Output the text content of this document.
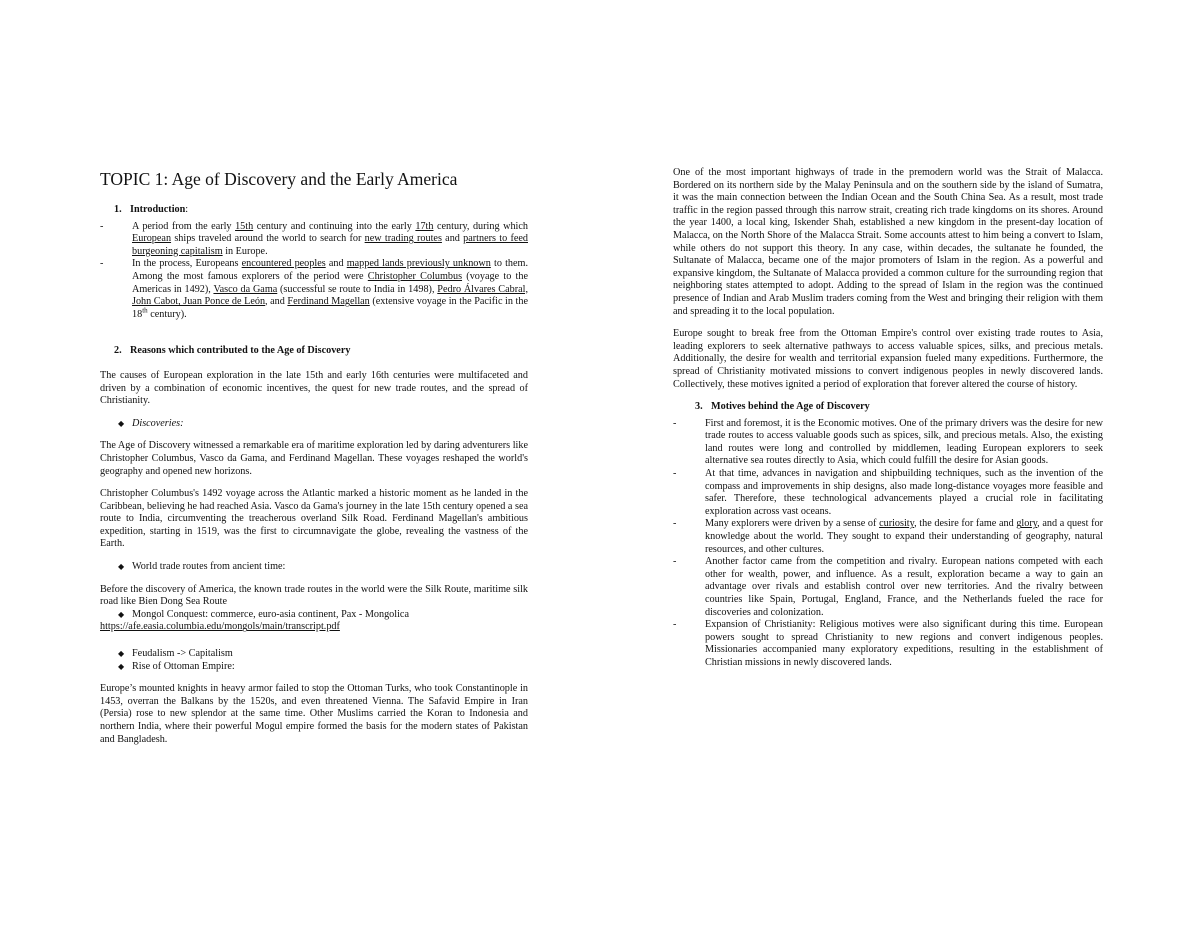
TOPIC 1: Age of Discovery and the Early America
1. Introduction:
- A period from the early 15th century and continuing into the early 17th century, during which European ships traveled around the world to search for new trading routes and partners to feed burgeoning capitalism in Europe.
- In the process, Europeans encountered peoples and mapped lands previously unknown to them. Among the most famous explorers of the period were Christopher Columbus (voyage to the Americas in 1492), Vasco da Gama (successful se route to India in 1498), Pedro Álvares Cabral, John Cabot, Juan Ponce de León, and Ferdinand Magellan (extensive voyage in the Pacific in the 18th century).
2. Reasons which contributed to the Age of Discovery

The causes of European exploration in the late 15th and early 16th centuries were multifaceted and driven by a combination of economic incentives, the quest for new trade routes, and the spread of Christianity.

◆ Discoveries:

The Age of Discovery witnessed a remarkable era of maritime exploration led by daring adventurers like Christopher Columbus, Vasco da Gama, and Ferdinand Magellan. These voyages reshaped the world's geography and opened new horizons.

Christopher Columbus's 1492 voyage across the Atlantic marked a historic moment as he landed in the Caribbean, believing he had reached Asia. Vasco da Gama's journey in the late 15th century opened a sea route to India, circumventing the treacherous overland Silk Road. Ferdinand Magellan's ambitious expedition, starting in 1519, was the first to circumnavigate the globe, revealing the vastness of the Earth.

◆ World trade routes from ancient time:

Before the discovery of America, the known trade routes in the world were the Silk Route, maritime silk road like Bien Dong Sea Route

◆ Mongol Conquest: commerce, euro-asia continent, Pax - Mongolica
https://afe.easia.columbia.edu/mongols/main/transcript.pdf
◆ Feudalism -> Capitalism
◆ Rise of Ottoman Empire:

Europe’s mounted knights in heavy armor failed to stop the Ottoman Turks, who took Constantinople in 1453, overran the Balkans by the 1520s, and even threatened Vienna. The Safavid Empire in Iran (Persia) rose to new splendor at the same time. Other Muslims carried the Koran to Indonesia and northern India, where their powerful Mogul empire formed the basis for the modern states of Pakistan and Bangladesh.

One of the most important highways of trade in the premodern world was the Strait of Malacca. Bordered on its northern side by the Malay Peninsula and on the southern side by the island of Sumatra, it was the main connection between the Indian Ocean and the South China Sea. As a result, most trade traffic in the region passed through this narrow strait, creating rich trade kingdoms on its shores. Around the year 1400, a local king, Iskender Shah, established a new kingdom in the present-day location of Malacca, on the North Shore of the Malacca Strait. Some accounts attest to him being a convert to Islam, while others do not support this theory. In any case, within decades, the sultanate he founded, the Sultanate of Malacca, became one of the major promoters of Islam in the region. As a powerful and expansive kingdom, the Sultanate of Malacca provided a common culture for the surrounding region that neighboring states attempted to adopt. Adding to the spread of Islam in the region was the continued presence of Indian and Arab Muslim traders coming from the West and bringing their religion with them and spreading it to the local population.

Europe sought to break free from the Ottoman Empire's control over existing trade routes to Asia, leading explorers to seek alternative pathways to access valuable spices, silks, and precious metals. Additionally, the desire for wealth and territorial expansion fueled many expeditions. Furthermore, the spread of Christianity motivated missions to convert indigenous peoples in newly discovered lands. Collectively, these motives ignited a period of exploration that forever altered the course of history.

3. Motives behind the Age of Discovery
- First and foremost, it is the Economic motives. One of the primary drivers was the desire for new trade routes to access valuable goods such as spices, silk, and precious metals. Also, the existing land routes were long and controlled by middlemen, leading European explorers to seek alternative sea routes directly to Asia, which could fulfill the desire for Asian goods.
- At that time, advances in navigation and shipbuilding techniques, such as the invention of the compass and improvements in ship designs, also made long-distance voyages more feasible and safer. Therefore, these technological advancements played a crucial role in facilitating exploration across vast oceans.
- Many explorers were driven by a sense of curiosity, the desire for fame and glory, and a quest for knowledge about the world. They sought to expand their understanding of geography, natural resources, and other cultures.
- Another factor came from the competition and rivalry. European nations competed with each other for wealth, power, and influence. As a result, exploration became a way to gain an advantage over rivals and establish control over new territories. And the rivalry between countries like Spain, Portugal, England, France, and the Netherlands fueled the race for discoveries and colonization.
- Expansion of Christianity: Religious motives were also significant during this time. European powers sought to spread Christianity to new regions and convert indigenous peoples. Missionaries accompanied many exploratory expeditions, resulting in the establishment of Christian missions in newly discovered lands.
